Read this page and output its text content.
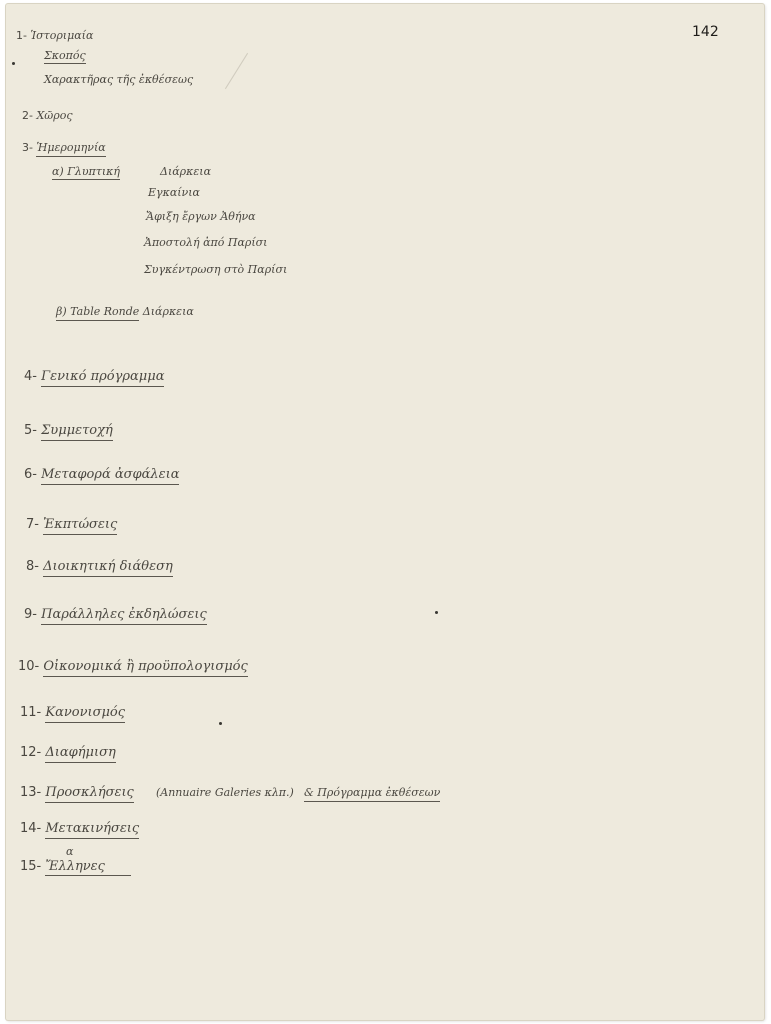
142
1- Ἱστοριμαία
Σκοπός
Χαρακτῆρας τῆς ἐκθέσεως
2- Χῶρος
3- Ἡμερομηνία
α) Γλυπτική	Διάρκεια
Εγκαίνια
Ἄφιξη ἔργων Ἀθήνα
Ἀποστολή ἀπό Παρίσι
Συγκέντρωση στὸ Παρίσι
β) Table Ronde Διάρκεια
4- Γενικό πρόγραμμα
5- Συμμετοχή
6- Μεταφορά ἀσφάλεια
7- Ἐκπτώσεις
8- Διοικητική διάθεση
9- Παράλληλες ἐκδηλώσεις
10- Οἰκονομικά ἢ προϋπολογισμός
11- Κανονισμός
12- Διαφήμιση
13- Προσκλήσεις (Annuaire Galeries κλπ.) & Πρόγραμμα ἐκθέσεων
14- Μετακινήσεις
α
15- Ἔλληνες
